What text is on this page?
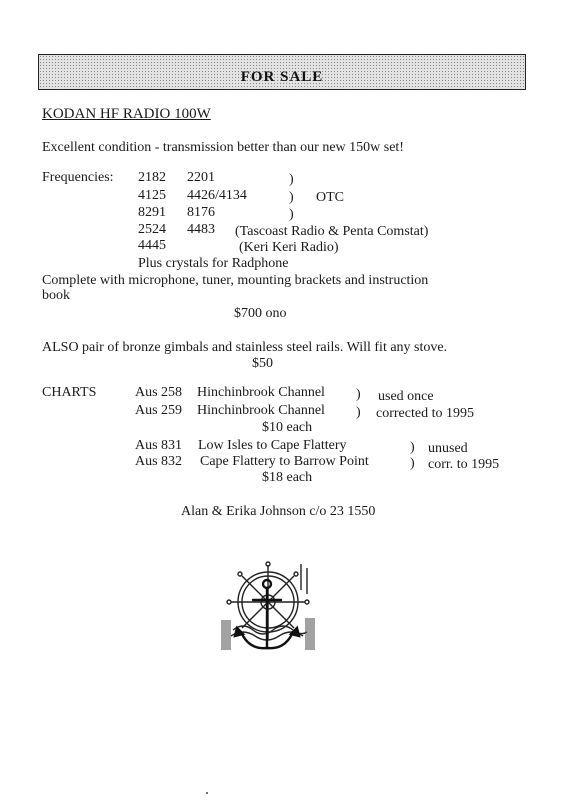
FOR SALE
KODAN HF RADIO 100W
Excellent condition - transmission better than our new 150w set!
Frequencies: 2182 2201	)
4125 4426/4134	) OTC
8291 8176	)
2524 4483 (Tascoast Radio & Penta Comstat)
4445	(Keri Keri Radio)
Plus crystals for Radphone
Complete with microphone, tuner, mounting brackets and instruction
book
$700 ono
ALSO pair of bronze gimbals and stainless steel rails. Will fit any stove.
$50
CHARTS	Aus 258 Hinchinbrook Channel ) used once
Aus 259 Hinchinbrook Channel ) corrected to 1995
$10 each
Aus 831 Low Isles to Cape Flattery	) unused
Aus 832 Cape Flattery to Barrow Point	) corr. to 1995
$18 each
Alan & Erika Johnson c/o 23 1550
